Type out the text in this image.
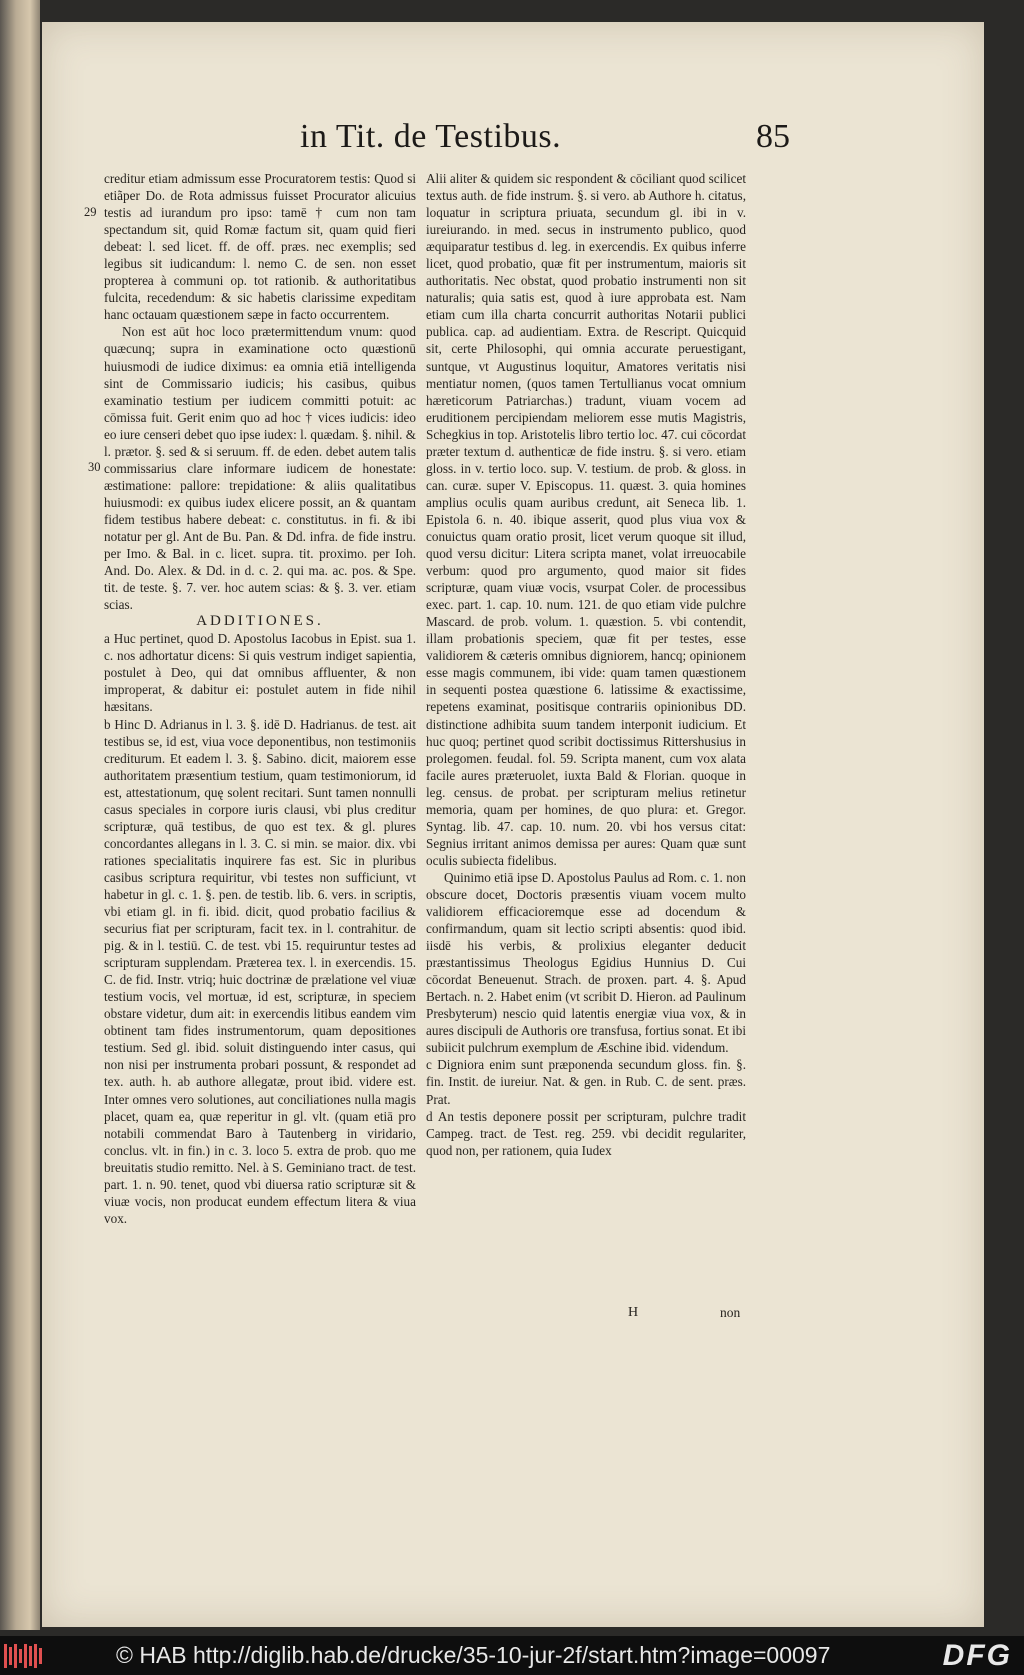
in Tit. de Testibus.	85
29
30

creditur etiam admissum esse Procuratorem testis: Quod si etiãper Do. de Rota admissus fuisset Procurator alicuius testis ad iurandum pro ipso: tamē † cum non tam spectandum sit, quid Romæ factum sit, quam quid fieri debeat: l. sed licet. ff. de off. præs. nec exemplis; sed legibus sit iudicandum: l. nemo C. de sen. non esset propterea à communi op. tot rationib. & authoritatibus fulcita, recedendum: & sic habetis clarissime expeditam hanc octauam quæstionem sæpe in facto occurrentem.

Non est aūt hoc loco prætermittendum vnum: quod quæcunq; supra in examinatione octo quæstionū huiusmodi de iudice diximus: ea omnia etiā intelligenda sint de Commissario iudicis; his casibus, quibus examinatio testium per iudicem committi potuit: ac cōmissa fuit. Gerit enim quo ad hoc † vices iudicis: ideo eo iure censeri debet quo ipse iudex: l. quædam. §. nihil. & l. prætor. §. sed & si seruum. ff. de eden. debet autem talis commissarius clare informare iudicem de honestate: æstimatione: pallore: trepidatione: & aliis qualitatibus huiusmodi: ex quibus iudex elicere possit, an & quantam fidem testibus habere debeat: c. constitutus. in fi. & ibi notatur per gl. Ant de Bu. Pan. & Dd. infra. de fide instru. per Imo. & Bal. in c. licet. supra. tit. proximo. per Ioh. And. Do. Alex. & Dd. in d. c. 2. qui ma. ac. pos. & Spe. tit. de teste. §. 7. ver. hoc autem scias: & §. 3. ver. etiam scias.

ADDITIONES.

a Huc pertinet, quod D. Apostolus Iacobus in Epist. sua 1. c. nos adhortatur dicens: Si quis vestrum indiget sapientia, postulet à Deo, qui dat omnibus affluenter, & non improperat, & dabitur ei: postulet autem in fide nihil hæsitans.

b Hinc D. Adrianus in l. 3. §. idē D. Hadrianus. de test. ait testibus se, id est, viua voce deponentibus, non testimoniis crediturum. Et eadem l. 3. §. Sabino. dicit, maiorem esse authoritatem præsentium testium, quam testimoniorum, id est, attestationum, quę solent recitari. Sunt tamen nonnulli casus speciales in corpore iuris clausi, vbi plus creditur scripturæ, quā testibus, de quo est tex. & gl. plures concordantes allegans in l. 3. C. si min. se maior. dix. vbi rationes specialitatis inquirere fas est. Sic in pluribus casibus scriptura requiritur, vbi testes non sufficiunt, vt habetur in gl. c. 1. §. pen. de testib. lib. 6. vers. in scriptis, vbi etiam gl. in fi. ibid. dicit, quod probatio facilius & securius fiat per scripturam, facit tex. in l. contrahitur. de pig. & in l. testiū. C. de test. vbi 15. requiruntur testes ad scripturam supplendam. Præterea tex. l. in exercendis. 15. C. de fid. Instr. vtriq; huic doctrinæ de prælatione vel viuæ testium vocis, vel mortuæ, id est, scripturæ, in speciem obstare videtur, dum ait: in exercendis litibus eandem vim obtinent tam fides instrumentorum, quam depositiones testium. Sed gl. ibid. soluit distinguendo inter casus, qui non nisi per instrumenta probari possunt, & respondet ad tex. auth. h. ab authore allegatæ, prout ibid. videre est. Inter omnes vero solutiones, aut conciliationes nulla magis placet, quam ea, quæ reperitur in gl. vlt. (quam etiā pro notabili commendat Baro à Tautenberg in viridario, conclus. vlt. in fin.) in c. 3. loco 5. extra de prob. quo me breuitatis studio remitto. Nel. à S. Geminiano tract. de test. part. 1. n. 90. tenet, quod vbi diuersa ratio scripturæ sit & viuæ vocis, non producat eundem effectum litera & viua vox.

Alii aliter & quidem sic respondent & cōciliant quod scilicet textus auth. de fide instrum. §. si vero. ab Authore h. citatus, loquatur in scriptura priuata, secundum gl. ibi in v. iureiurando. in med. secus in instrumento publico, quod æquiparatur testibus d. leg. in exercendis. Ex quibus inferre licet, quod probatio, quæ fit per instrumentum, maioris sit authoritatis. Nec obstat, quod probatio instrumenti non sit naturalis; quia satis est, quod à iure approbata est. Nam etiam cum illa charta concurrit authoritas Notarii publici publica. cap. ad audientiam. Extra. de Rescript. Quicquid sit, certe Philosophi, qui omnia accurate peruestigant, suntque, vt Augustinus loquitur, Amatores veritatis nisi mentiatur nomen, (quos tamen Tertullianus vocat omnium hæreticorum Patriarchas.) tradunt, viuam vocem ad eruditionem percipiendam meliorem esse mutis Magistris, Schegkius in top. Aristotelis libro tertio loc. 47. cui cōcordat præter textum d. authenticæ de fide instru. §. si vero. etiam gloss. in v. tertio loco. sup. V. testium. de prob. & gloss. in can. curæ. super V. Episcopus. 11. quæst. 3. quia homines amplius oculis quam auribus credunt, ait Seneca lib. 1. Epistola 6. n. 40. ibique asserit, quod plus viua vox & conuictus quam oratio prosit, licet verum quoque sit illud, quod versu dicitur: Litera scripta manet, volat irreuocabile verbum: quod pro argumento, quod maior sit fides scripturæ, quam viuæ vocis, vsurpat Coler. de processibus exec. part. 1. cap. 10. num. 121. de quo etiam vide pulchre Mascard. de prob. volum. 1. quæstion. 5. vbi contendit, illam probationis speciem, quæ fit per testes, esse validiorem & cæteris omnibus digniorem, hancq; opinionem esse magis communem, ibi vide: quam tamen quæstionem in sequenti postea quæstione 6. latissime & exactissime, repetens examinat, positisque contrariis opinionibus DD. distinctione adhibita suum tandem interponit iudicium. Et huc quoq; pertinet quod scribit doctissimus Rittershusius in prolegomen. feudal. fol. 59. Scripta manent, cum vox alata facile aures præteruolet, iuxta Bald & Florian. quoque in leg. census. de probat. per scripturam melius retinetur memoria, quam per homines, de quo plura: et. Gregor. Syntag. lib. 47. cap. 10. num. 20. vbi hos versus citat: Segnius irritant animos demissa per aures: Quam quæ sunt oculis subiecta fidelibus.

Quinimo etiā ipse D. Apostolus Paulus ad Rom. c. 1. non obscure docet, Doctoris præsentis viuam vocem multo validiorem efficacioremque esse ad docendum & confirmandum, quam sit lectio scripti absentis: quod ibid. iisdē his verbis, & prolixius eleganter deducit præstantissimus Theologus Egidius Hunnius D. Cui cōcordat Beneuenut. Strach. de proxen. part. 4. §. Apud Bertach. n. 2. Habet enim (vt scribit D. Hieron. ad Paulinum Presbyterum) nescio quid latentis energiæ viua vox, & in aures discipuli de Authoris ore transfusa, fortius sonat. Et ibi subiicit pulchrum exemplum de Æschine ibid. videndum.

c Digniora enim sunt præponenda secundum gloss. fin. §. fin. Instit. de iureiur. Nat. & gen. in Rub. C. de sent. præs. Prat.

d An testis deponere possit per scripturam, pulchre tradit Campeg. tract. de Test. reg. 259. vbi decidit regulariter, quod non, per rationem, quia Iudex

H	non
© HAB http://diglib.hab.de/drucke/35-10-jur-2f/start.htm?image=00097	DFG
